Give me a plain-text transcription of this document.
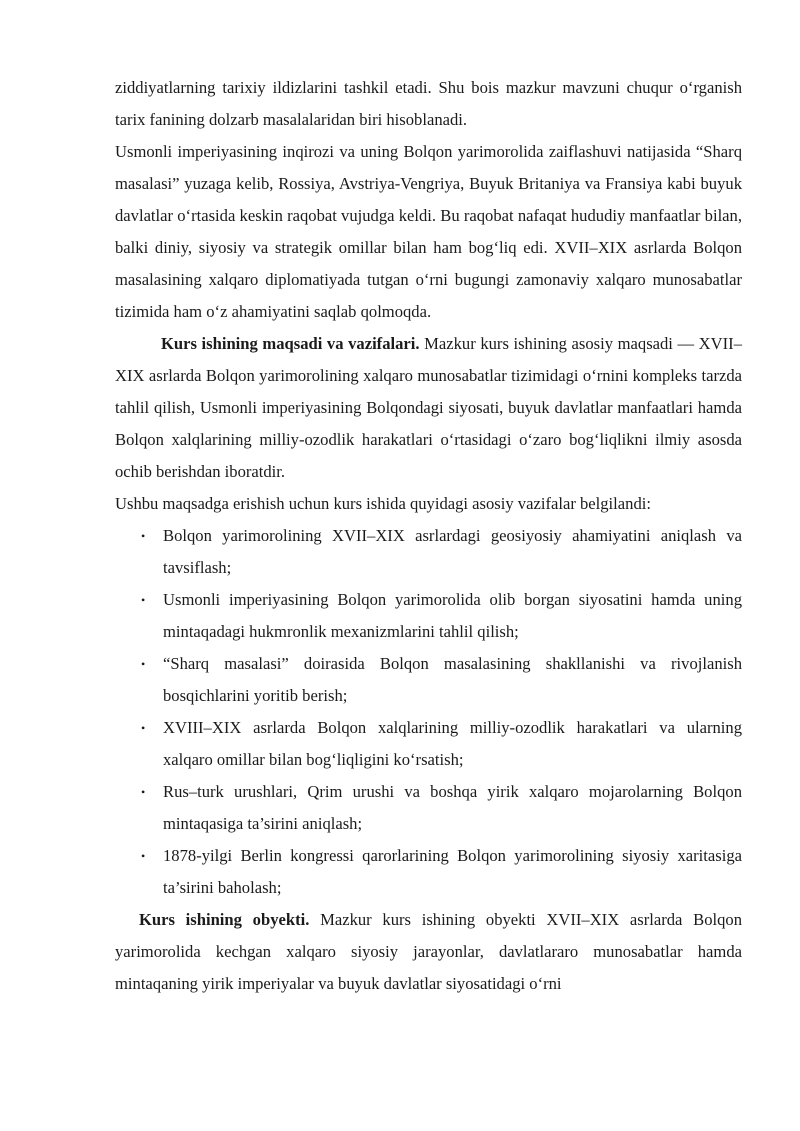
ziddiyatlarning tarixiy ildizlarini tashkil etadi. Shu bois mazkur mavzuni chuqur o‘rganish tarix fanining dolzarb masalalaridan biri hisoblanadi.

Usmonli imperiyasining inqirozi va uning Bolqon yarimorolida zaiflashuvi natijasida “Sharq masalasi” yuzaga kelib, Rossiya, Avstriya-Vengriya, Buyuk Britaniya va Fransiya kabi buyuk davlatlar o‘rtasida keskin raqobat vujudga keldi. Bu raqobat nafaqat hududiy manfaatlar bilan, balki diniy, siyosiy va strategik omillar bilan ham bog‘liq edi. XVII–XIX asrlarda Bolqon masalasining xalqaro diplomatiyada tutgan o‘rni bugungi zamonaviy xalqaro munosabatlar tizimida ham o‘z ahamiyatini saqlab qolmoqda.

Kurs ishining maqsadi va vazifalari. Mazkur kurs ishining asosiy maqsadi — XVII–XIX asrlarda Bolqon yarimorolining xalqaro munosabatlar tizimidagi o‘rnini kompleks tarzda tahlil qilish, Usmonli imperiyasining Bolqondagi siyosati, buyuk davlatlar manfaatlari hamda Bolqon xalqlarining milliy-ozodlik harakatlari o‘rtasidagi o‘zaro bog‘liqlikni ilmiy asosda ochib berishdan iboratdir.

Ushbu maqsadga erishish uchun kurs ishida quyidagi asosiy vazifalar belgilandi:

• Bolqon yarimorolining XVII–XIX asrlardagi geosiyosiy ahamiyatini aniqlash va tavsiflash;
• Usmonli imperiyasining Bolqon yarimorolida olib borgan siyosatini hamda uning mintaqadagi hukmronlik mexanizmlarini tahlil qilish;
• “Sharq masalasi” doirasida Bolqon masalasining shakllanishi va rivojlanish bosqichlarini yoritib berish;
• XVIII–XIX asrlarda Bolqon xalqlarining milliy-ozodlik harakatlari va ularning xalqaro omillar bilan bog‘liqligini ko‘rsatish;
• Rus–turk urushlari, Qrim urushi va boshqa yirik xalqaro mojarolarning Bolqon mintaqasiga ta’sirini aniqlash;
• 1878-yilgi Berlin kongressi qarorlarining Bolqon yarimorolining siyosiy xaritasiga ta’sirini baholash;

Kurs ishining obyekti. Mazkur kurs ishining obyekti XVII–XIX asrlarda Bolqon yarimorolida kechgan xalqaro siyosiy jarayonlar, davlatlararo munosabatlar hamda mintaqaning yirik imperiyalar va buyuk davlatlar siyosatidagi o‘rni
